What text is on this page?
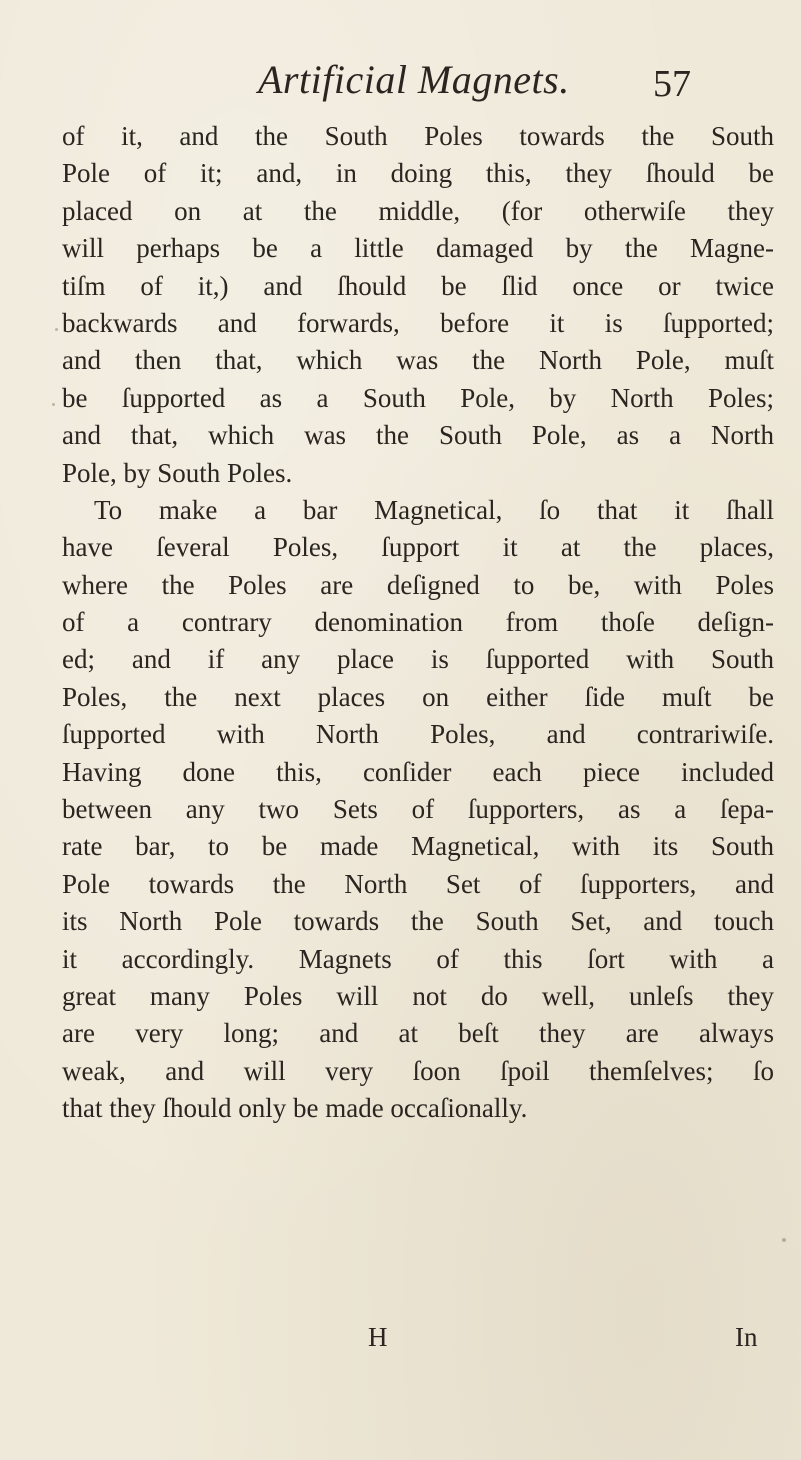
Artificial Magnets. 57
of it, and the South Poles towards the South
Pole of it; and, in doing this, they ſhould be
placed on at the middle, (for otherwiſe they
will perhaps be a little damaged by the Magne-
tiſm of it,) and ſhould be ſlid once or twice
backwards and forwards, before it is ſupported;
and then that, which was the North Pole, muſt
be ſupported as a South Pole, by North Poles;
and that, which was the South Pole, as a North
Pole, by South Poles.
To make a bar Magnetical, ſo that it ſhall
have ſeveral Poles, ſupport it at the places,
where the Poles are deſigned to be, with Poles
of a contrary denomination from thoſe deſign-
ed; and if any place is ſupported with South
Poles, the next places on either ſide muſt be
ſupported with North Poles, and contrariwiſe.
Having done this, conſider each piece included
between any two Sets of ſupporters, as a ſepa-
rate bar, to be made Magnetical, with its South
Pole towards the North Set of ſupporters, and
its North Pole towards the South Set, and touch
it accordingly. Magnets of this ſort with a
great many Poles will not do well, unleſs they
are very long; and at beſt they are always
weak, and will very ſoon ſpoil themſelves; ſo
that they ſhould only be made occaſionally.
H	In
